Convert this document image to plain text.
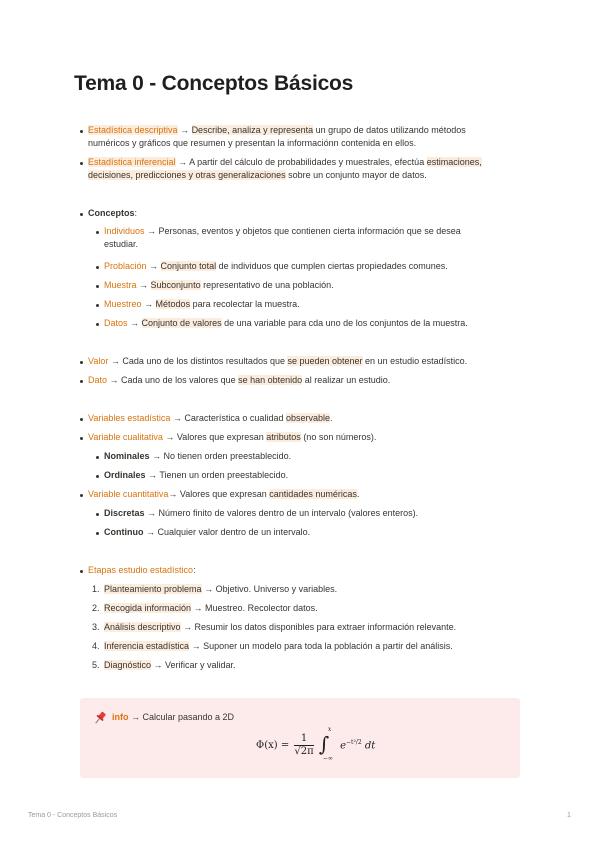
Tema 0 - Conceptos Básicos
Estadística descriptiva → Describe, analiza y representa un grupo de datos utilizando métodos
numéricos y gráficos que resumen y presentan la informaciónn contenida en ellos.
Estadística inferencial → A partir del cálculo de probabilidades y muestrales, efectúa estimaciones,
decisiones, predicciones y otras generalizaciones sobre un conjunto mayor de datos.
Conceptos:
Individuos → Personas, eventos y objetos que contienen cierta información que se desea
estudiar.
Problación → Conjunto total de individuos que cumplen ciertas propiedades comunes.
Muestra → Subconjunto representativo de una población.
Muestreo → Métodos para recolectar la muestra.
Datos → Conjunto de valores de una variable para cda uno de los conjuntos de la muestra.
Valor → Cada uno de los distintos resultados que se pueden obtener en un estudio estadístico.
Dato → Cada uno de los valores que se han obtenido al realizar un estudio.
Variables estadística → Característica o cualidad observable.
Variable cualitativa → Valores que expresan atributos (no son números).
Nominales → No tienen orden preestablecido.
Ordinales → Tienen un orden preestablecido.
Variable cuantitativa→ Valores que expresan cantidades numéricas.
Discretas → Número finito de valores dentro de un intervalo (valores enteros).
Continuo → Cualquier valor dentro de un intervalo.
Etapas estudio estadístico:
1. Planteamiento problema → Objetivo. Universo y variables.
2. Recogida información → Muestreo. Recolector datos.
3. Análisis descriptivo → Resumir los datos disponibles para extraer información relevante.
4. Inferencia estadística → Suponer un modelo para toda la población a partir del análisis.
5. Diagnóstico → Verificar y validar.
info → Calcular pasando a 2D
$\Phi(x) = \frac{1}{√2\pi}$

x
∫
−∞
$e^{-t^2/2}$ dt
Tema 0 - Conceptos Básicos	1
